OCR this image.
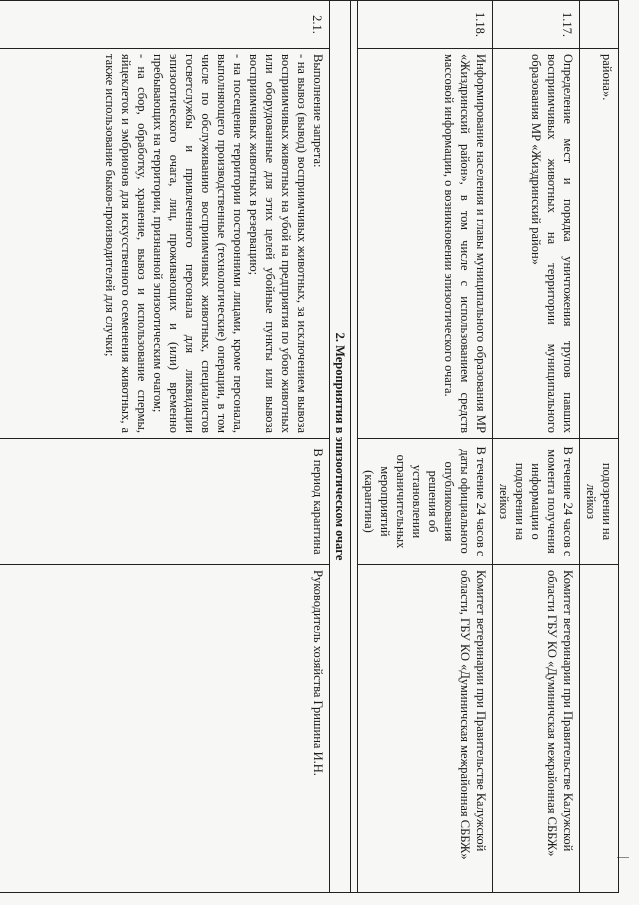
	района».	подозрении на лейкоз	
1.17.	Определение мест и порядка уничтожения трупов павших восприимчивых животных на территории муниципального образования МР «Жиздринский район»	В течение 24 часов с момента получения информации о подозрении на лейкоз	Комитет ветеринарии при Правительстве Калужской области ГБУ КО «Думиничская межрайонная СББЖ»
1.18.	Информирование населения и главы муниципального образования МР «Жиздринский район», в том числе с использованием средств массовой информации, о возникновении эпизоотического очага.	В течение 24 часов с даты официального опубликования решения об установлении ограничительных мероприятий (карантина)	Комитет ветеринарии при Правительстве Калужской области, ГБУ КО «Думиничская межрайонная СББЖ»

2. Мероприятия в эпизоотическом очаге			
2.1.	Выполнение запрета:
- на вывоз (вывод) восприимчивых животных, за исключением вывоза восприимчивых животных на убой на предприятия по убою животных или оборудованные для этих целей убойные пункты или вывоза восприимчивых животных в резервацию;
- на посещение территории посторонними лицами, кроме персонала, выполняющего производственные (технологические) операции, в том числе по обслуживанию восприимчивых животных, специалистов госветслужбы и привлеченного персонала для ликвидации эпизоотического очага, лиц, проживающих и (или) временно пребывающих на территории, признанной эпизоотическим очагом;
- на сбор, обработку, хранение, вывоз и использование спермы, яйцеклеток и эмбрионов для искусственного осеменения животных, а также использование быков-производителей для случки;	В период карантина	Руководитель хозяйства Гришина И.Н.
